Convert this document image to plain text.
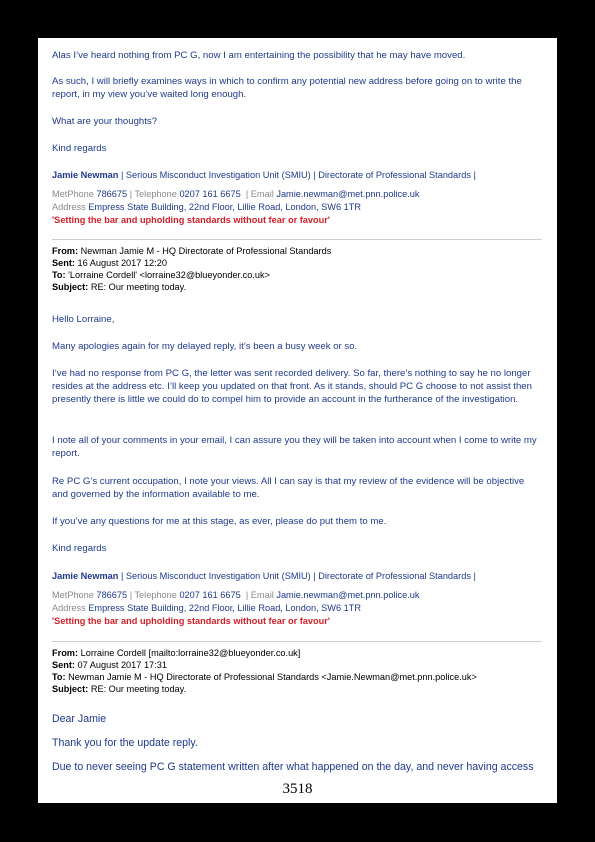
Alas I’ve heard nothing from PC G, now I am entertaining the possibility that he may have moved.

As such, I will briefly examines ways in which to confirm any potential new address before going on to write the report, in my view you’ve waited long enough.

What are your thoughts?

Kind regards

Jamie Newman | Serious Misconduct Investigation Unit (SMIU) | Directorate of Professional Standards |

MetPhone 786675 | Telephone 0207 161 6675 | Email Jamie.newman@met.pnn.police.uk

Address Empress State Building, 22nd Floor, Lillie Road, London, SW6 1TR

'Setting the bar and upholding standards without fear or favour'

From: Newman Jamie M - HQ Directorate of Professional Standards

Sent: 16 August 2017 12:20

To: 'Lorraine Cordell' <lorraine32@blueyonder.co.uk>

Subject: RE: Our meeting today.

Hello Lorraine,

Many apologies again for my delayed reply, it’s been a busy week or so.

I’ve had no response from PC G, the letter was sent recorded delivery. So far, there’s nothing to say he no longer resides at the address etc. I’ll keep you updated on that front. As it stands, should PC G choose to not assist then presently there is little we could do to compel him to provide an account in the furtherance of the investigation.

I note all of your comments in your email, I can assure you they will be taken into account when I come to write my report.

Re PC G’s current occupation, I note your views. All I can say is that my review of the evidence will be objective and governed by the information available to me.

If you’ve any questions for me at this stage, as ever, please do put them to me.

Kind regards

Jamie Newman | Serious Misconduct Investigation Unit (SMIU) | Directorate of Professional Standards |

MetPhone 786675 | Telephone 0207 161 6675 | Email Jamie.newman@met.pnn.police.uk

Address Empress State Building, 22nd Floor, Lillie Road, London, SW6 1TR

'Setting the bar and upholding standards without fear or favour'

From: Lorraine Cordell [mailto:lorraine32@blueyonder.co.uk]

Sent: 07 August 2017 17:31

To: Newman Jamie M - HQ Directorate of Professional Standards <Jamie.Newman@met.pnn.police.uk>

Subject: RE: Our meeting today.

Dear Jamie

Thank you for the update reply.

Due to never seeing PC G statement written after what happened on the day, and never having access

3518
